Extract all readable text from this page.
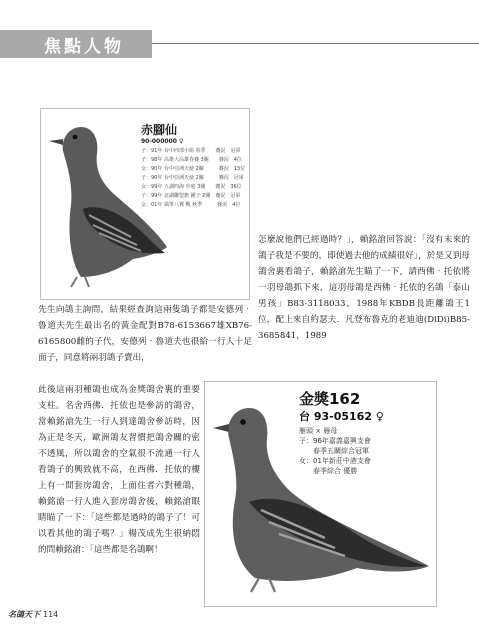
焦點人物
赤腳仙
90-000000 ♀
子：91年 台中西部小組 春季　　賽況　冠軍
子：98年 高雄大高雄春賽 3關　　賽況　4位
女：90年 台中亞洲天使 2關　　　賽況　13位
子：90年 台中亞洲天使 2關　　　賽況　冠軍
女：99年 五湖四海 中庭 3關　　賽況　36位
子：99年 北湖聯盟旗 鍾子 2關　賽況　冠軍
女：01年 風箏八翼 戰 秋季　　　賽況　4位
金獎162
台 93-05162 ♀
雁頭 × 雁母
子：96年嘉義嘉興支會
　　春季五關綜合冠軍
女：01年新莊中港支會
　　春季綜合 優勝

怎麼說他們已經過時？」，賴銘滄回答說：「沒有未來的鴿子我是不要的，即使過去他的成績很好」，於是又到母鴿舍裏看鴿子，賴銘滄先生瞄了一下，請西佛‧托依將一羽母鴿抓下來，這羽母鴿是西佛‧托依的名鴿「泰山男孩」B83-3118033，1988年KBDB長距離鴿王1位，配上來自約瑟夫．凡登布魯克的老迪迪(DiDi)B85-3685841，1989

先生向鴿主詢問，結果經查詢這兩隻鴿子都是安德列‧魯道夫先生最出名的黃金配對B78-6153667雄XB76-6165800雌的子代，安德列‧魯道夫也很給一行人十足面子，同意將兩羽鴿子賣出，

此後這兩羽種鴿也成為金獎鴿舍裏的重要支柱。名舍西佛．托依也是參訪的鴿舍，當賴銘滄先生一行人到達鴿舍參訪時，因為正是冬天，歐洲鴿友習慣把鴿舍關的密不透風，所以鴿舍的空氣很不流通一行人看鴿子的興致就不高，在西佛．托依的樓上有一間套房鴿舍，上面住者六對種鴿，賴銘滄一行人進入套房鴿舍後，賴銘滄眼睛瞄了一下：「這些都是過時的鴿子了！可以看其他的鴿子嗎？」楊茂成先生很納悶的問賴銘滄：「這些都是名鴿啊！

名鴿天下 114
